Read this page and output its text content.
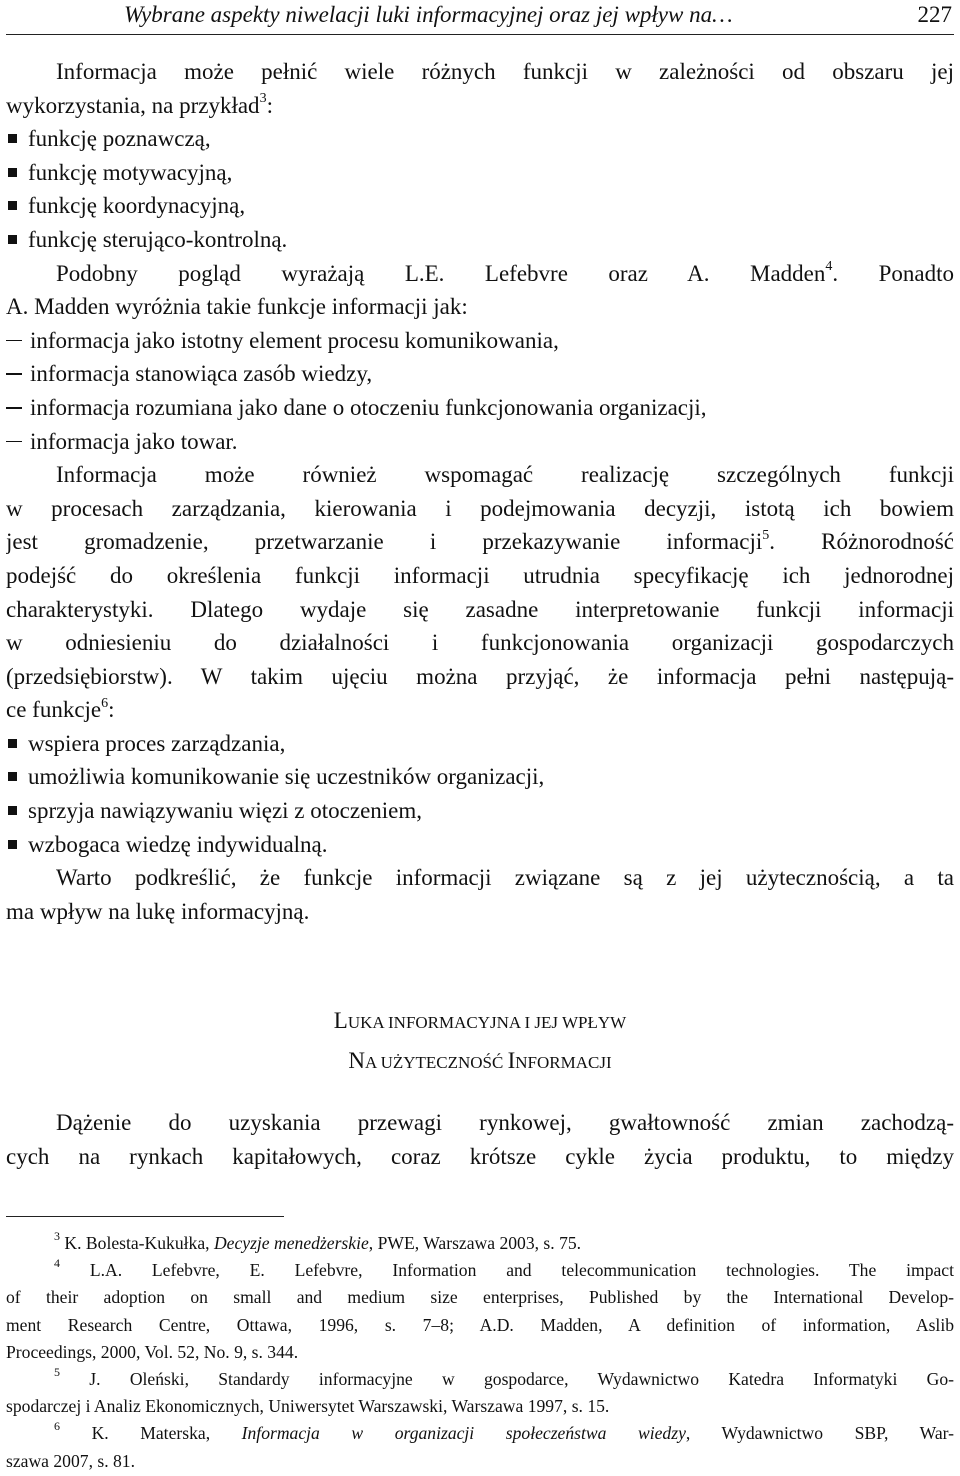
Wybrane aspekty niwelacji luki informacyjnej oraz jej wpływ na…	227
Informacja może pełnić wiele różnych funkcji w zależności od obszaru jej
wykorzystania, na przykład$^3$:
funkcję poznawczą,
funkcję motywacyjną,
funkcję koordynacyjną,
funkcję sterująco-kontrolną.
Podobny pogląd wyrażają L.E. Lefebvre oraz A. Madden$^4$. Ponadto
A. Madden wyróżnia takie funkcje informacji jak:
informacja jako istotny element procesu komunikowania,
informacja stanowiąca zasób wiedzy,
informacja rozumiana jako dane o otoczeniu funkcjonowania organizacji,
informacja jako towar.
Informacja może również wspomagać realizację szczególnych funkcji
w procesach zarządzania, kierowania i podejmowania decyzji, istotą ich bowiem
jest gromadzenie, przetwarzanie i przekazywanie informacji$^5$. Różnorodność
podejść do określenia funkcji informacji utrudnia specyfikację ich jednorodnej
charakterystyki. Dlatego wydaje się zasadne interpretowanie funkcji informacji
w odniesieniu do działalności i funkcjonowania organizacji gospodarczych
(przedsiębiorstw). W takim ujęciu można przyjąć, że informacja pełni następują-
ce funkcje$^6$:
wspiera proces zarządzania,
umożliwia komunikowanie się uczestników organizacji,
sprzyja nawiązywaniu więzi z otoczeniem,
wzbogaca wiedzę indywidualną.
Warto podkreślić, że funkcje informacji związane są z jej użytecznością, a ta
ma wpływ na lukę informacyjną.
LUKA INFORMACYJNA I JEJ WPŁYW
NA UŻYTECZNOŚĆ INFORMACJI
Dążenie do uzyskania przewagi rynkowej, gwałtowność zmian zachodzą-
cych na rynkach kapitałowych, coraz krótsze cykle życia produktu, to między
$^3$ K. Bolesta-Kukułka, Decyzje menedżerskie, PWE, Warszawa 2003, s. 75.
$^4$ L.A. Lefebvre, E. Lefebvre, Information and telecommunication technologies. The impact
of their adoption on small and medium size enterprises, Published by the International Develop-
ment Research Centre, Ottawa, 1996, s. 7–8; A.D. Madden, A definition of information, Aslib
Proceedings, 2000, Vol. 52, No. 9, s. 344.
$^5$ J. Oleński, Standardy informacyjne w gospodarce, Wydawnictwo Katedra Informatyki Go-
spodarczej i Analiz Ekonomicznych, Uniwersytet Warszawski, Warszawa 1997, s. 15.
$^6$ K. Materska, Informacja w organizacji społeczeństwa wiedzy, Wydawnictwo SBP, War-
szawa 2007, s. 81.
